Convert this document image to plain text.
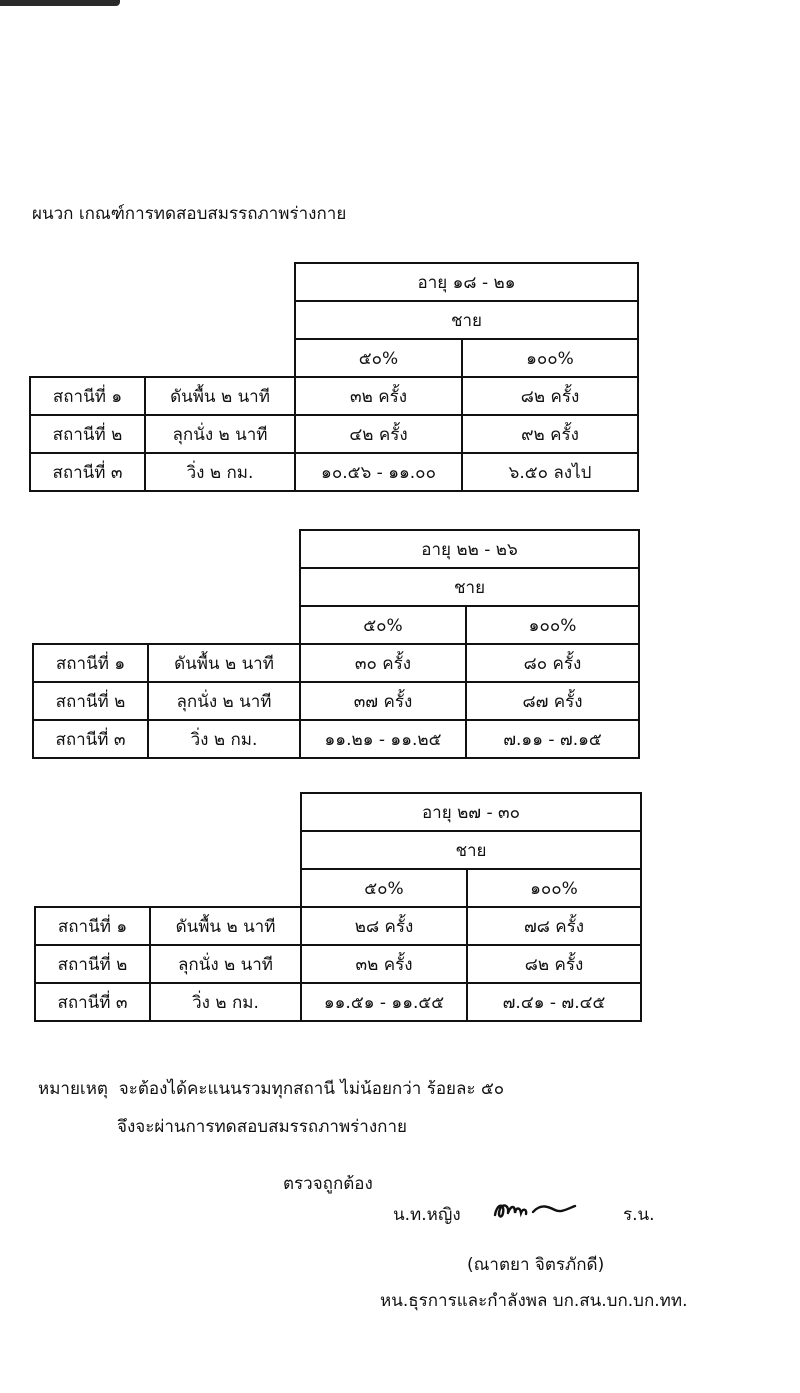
ผนวก เกณฑ์การทดสอบสมรรถภาพร่างกาย
		อายุ ๑๘ - ๒๑	
		ชาย	
		๕๐%	๑๐๐%
สถานีที่ ๑	ดันพื้น ๒ นาที	๓๒ ครั้ง	๘๒ ครั้ง
สถานีที่ ๒	ลุกนั่ง ๒ นาที	๔๒ ครั้ง	๙๒ ครั้ง
สถานีที่ ๓	วิ่ง ๒ กม.	๑๐.๕๖ - ๑๑.๐๐	๖.๕๐ ลงไป
		อายุ ๒๒ - ๒๖	
		ชาย	
		๕๐%	๑๐๐%
สถานีที่ ๑	ดันพื้น ๒ นาที	๓๐ ครั้ง	๘๐ ครั้ง
สถานีที่ ๒	ลุกนั่ง ๒ นาที	๓๗ ครั้ง	๘๗ ครั้ง
สถานีที่ ๓	วิ่ง ๒ กม.	๑๑.๒๑ - ๑๑.๒๕	๗.๑๑ - ๗.๑๕
		อายุ ๒๗ - ๓๐	
		ชาย	
		๕๐%	๑๐๐%
สถานีที่ ๑	ดันพื้น ๒ นาที	๒๘ ครั้ง	๗๘ ครั้ง
สถานีที่ ๒	ลุกนั่ง ๒ นาที	๓๒ ครั้ง	๘๒ ครั้ง
สถานีที่ ๓	วิ่ง ๒ กม.	๑๑.๕๑ - ๑๑.๕๕	๗.๔๑ - ๗.๔๕
หมายเหตุ จะต้องได้คะแนนรวมทุกสถานี ไม่น้อยกว่า ร้อยละ ๕๐
จึงจะผ่านการทดสอบสมรรถภาพร่างกาย
ตรวจถูกต้อง
น.ท.หญิง	ร.น.
(ณาตยา จิตรภักดี)
หน.ธุรการและกำลังพล บก.สน.บก.บก.ทท.
